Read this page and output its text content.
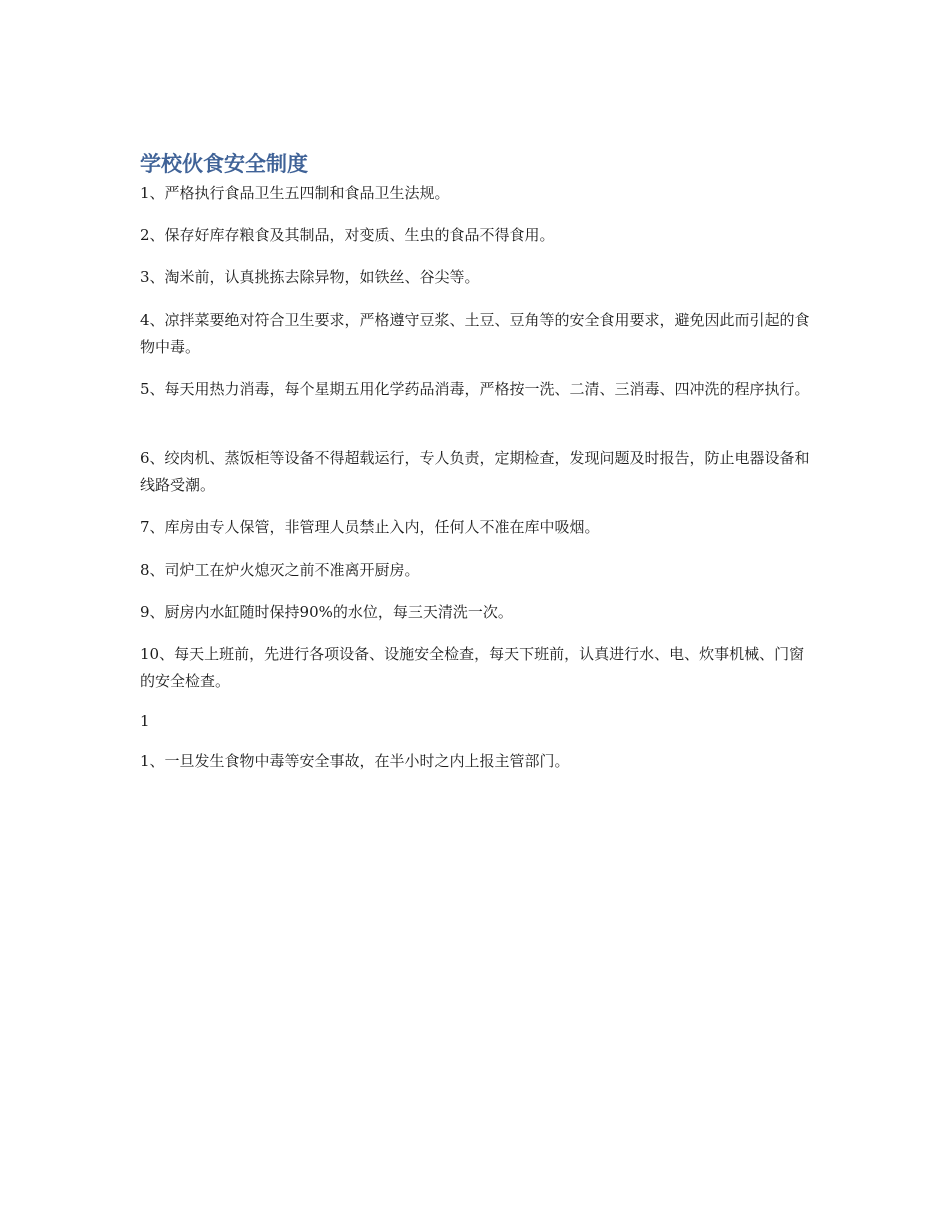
学校伙食安全制度

1、严格执行食品卫生五四制和食品卫生法规。

2、保存好库存粮食及其制品，对变质、生虫的食品不得食用。

3、淘米前，认真挑拣去除异物，如铁丝、谷尖等。

4、凉拌菜要绝对符合卫生要求，严格遵守豆浆、土豆、豆角等的安全食用要求，避免因此而引起的食物中毒。

5、每天用热力消毒，每个星期五用化学药品消毒，严格按一洗、二清、三消毒、四冲洗的程序执行。

6、绞肉机、蒸饭柜等设备不得超载运行，专人负责，定期检查，发现问题及时报告，防止电器设备和线路受潮。

7、库房由专人保管，非管理人员禁止入内，任何人不准在库中吸烟。

8、司炉工在炉火熄灭之前不准离开厨房。

9、厨房内水缸随时保持90%的水位，每三天清洗一次。

10、每天上班前，先进行各项设备、设施安全检查，每天下班前，认真进行水、电、炊事机械、门窗的安全检查。

1

1、一旦发生食物中毒等安全事故，在半小时之内上报主管部门。
